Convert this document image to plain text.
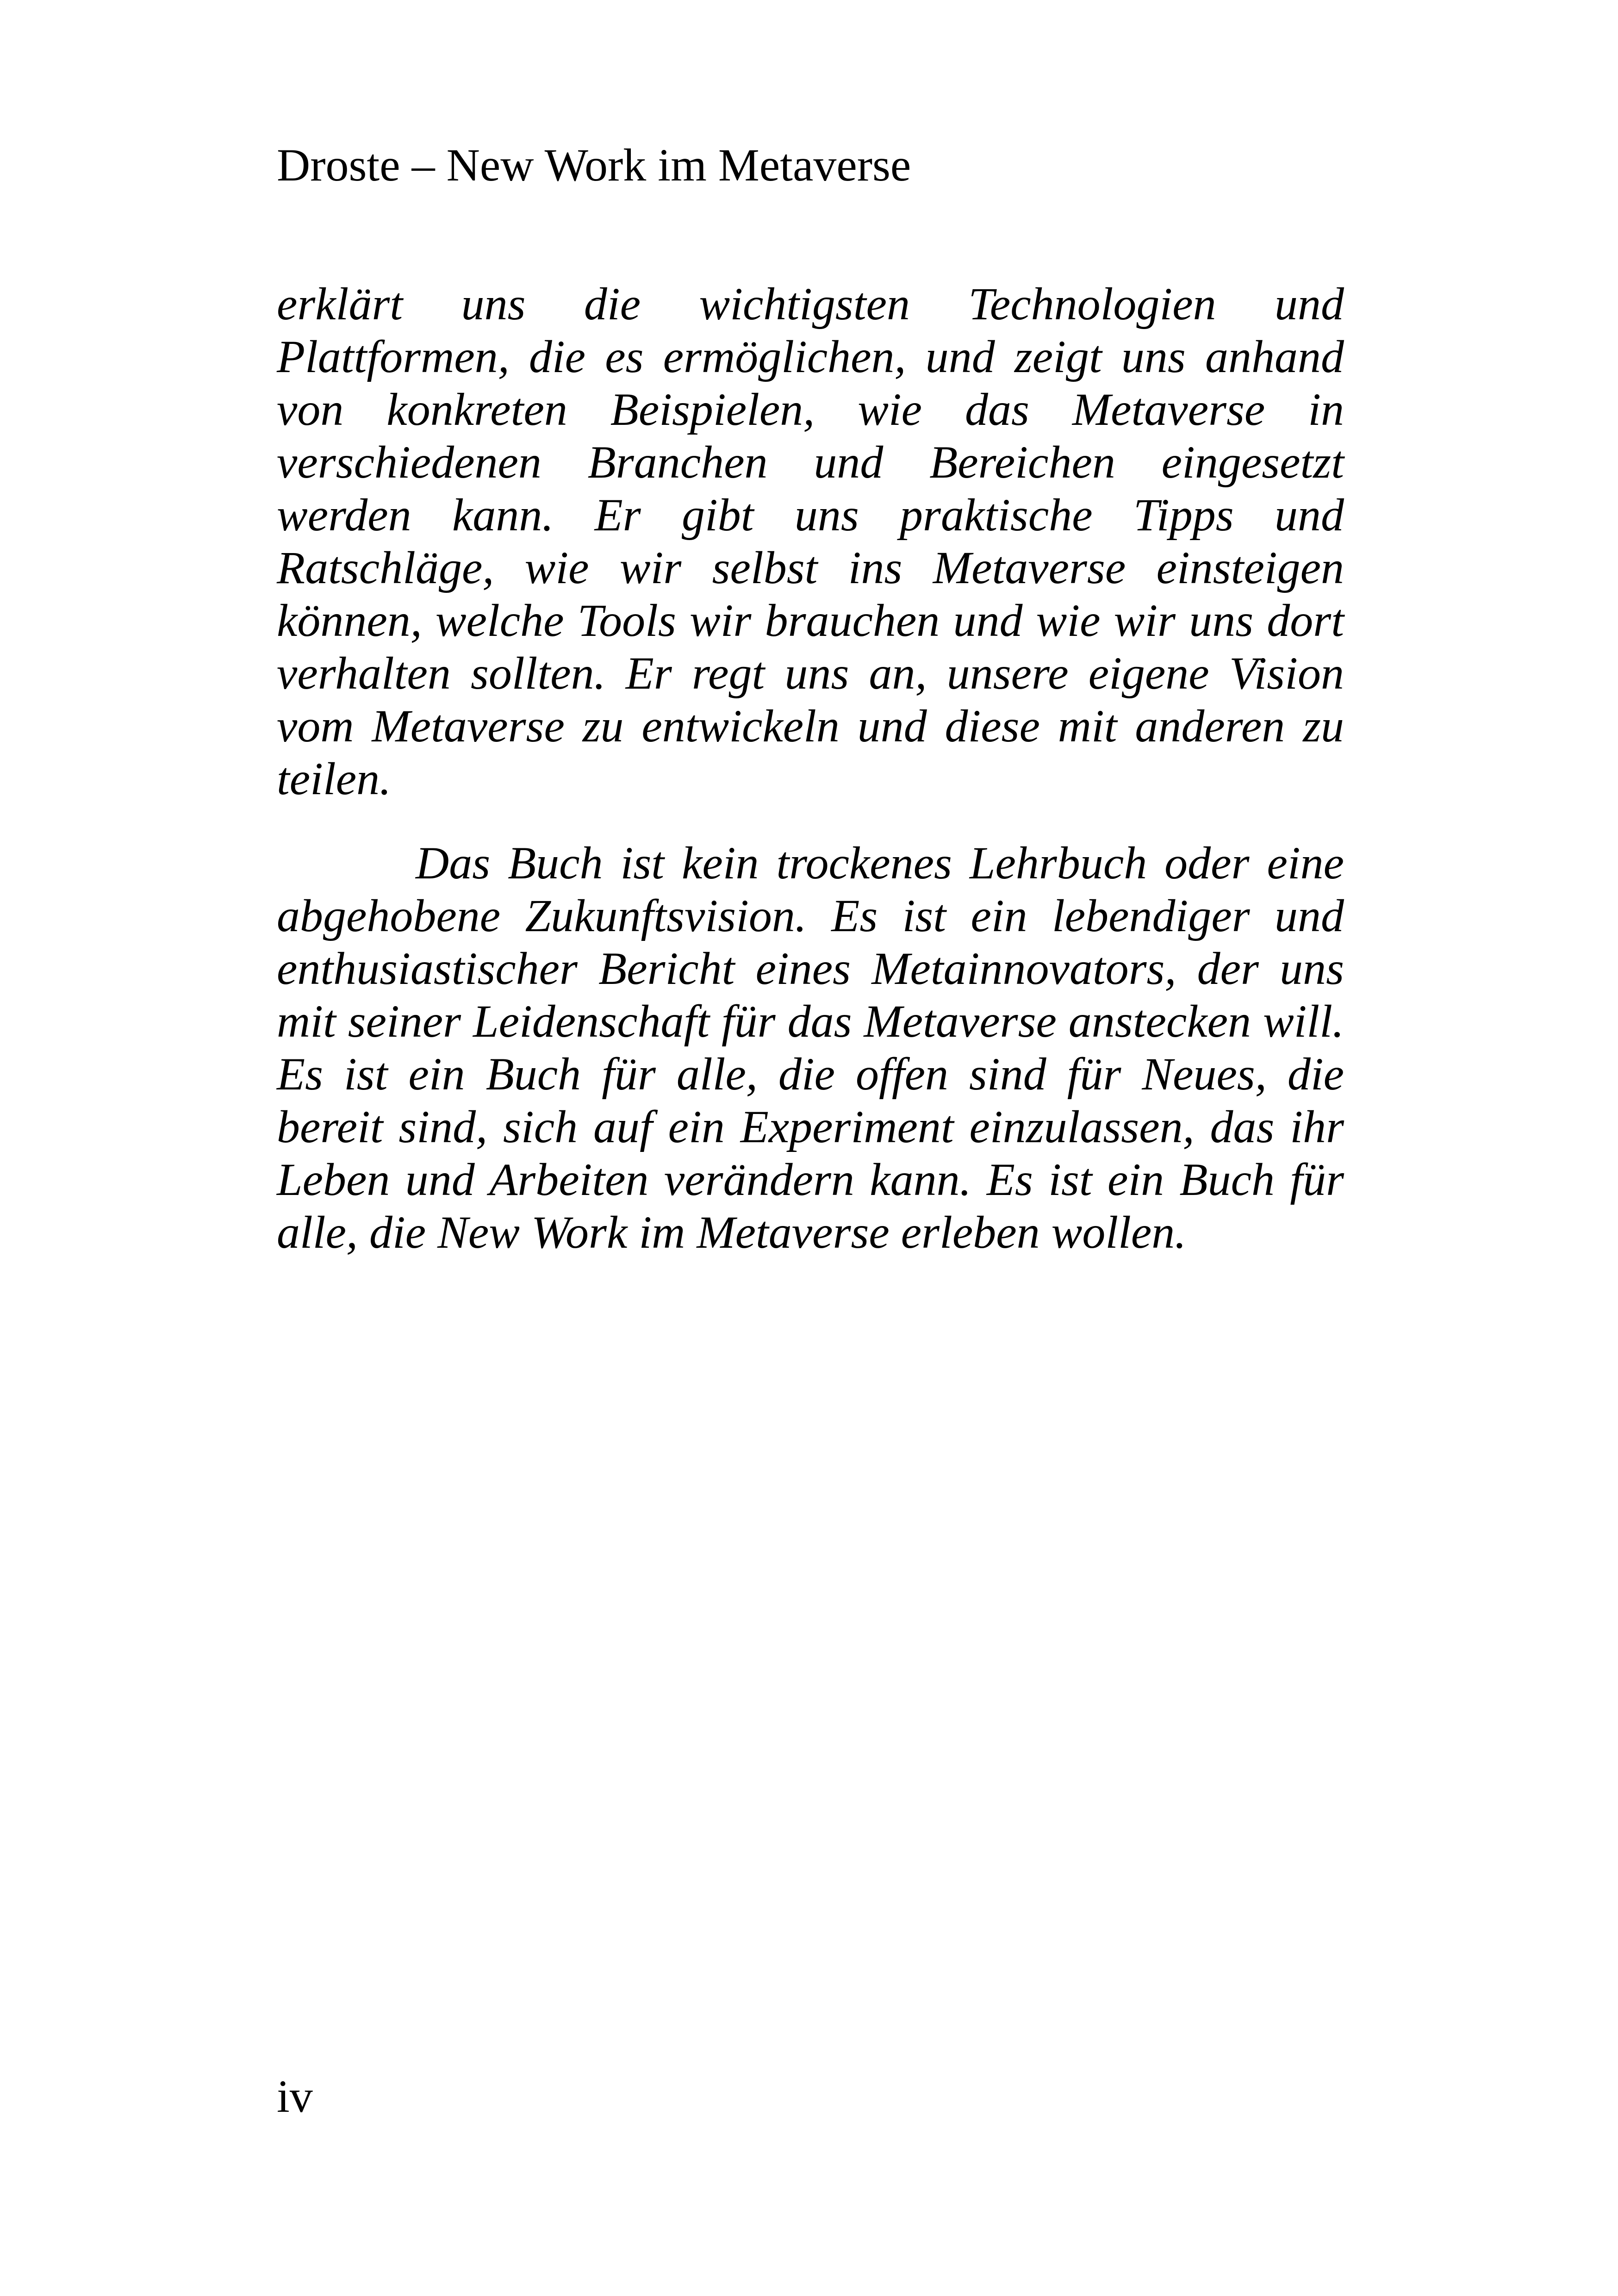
Droste – New Work im Metaverse

erklärt uns die wichtigsten Technologien und Plattformen, die es ermöglichen, und zeigt uns anhand von konkreten Beispielen, wie das Metaverse in verschiedenen Branchen und Bereichen eingesetzt werden kann. Er gibt uns praktische Tipps und Ratschläge, wie wir selbst ins Metaverse einsteigen können, welche Tools wir brauchen und wie wir uns dort verhalten sollten. Er regt uns an, unsere eigene Vision vom Metaverse zu entwickeln und diese mit anderen zu teilen.

Das Buch ist kein trockenes Lehrbuch oder eine abgehobene Zukunftsvision. Es ist ein lebendiger und enthusiastischer Bericht eines Metainnovators, der uns mit seiner Leidenschaft für das Metaverse anstecken will. Es ist ein Buch für alle, die offen sind für Neues, die bereit sind, sich auf ein Experiment einzulassen, das ihr Leben und Arbeiten verändern kann. Es ist ein Buch für alle, die New Work im Metaverse erleben wollen.

iv
